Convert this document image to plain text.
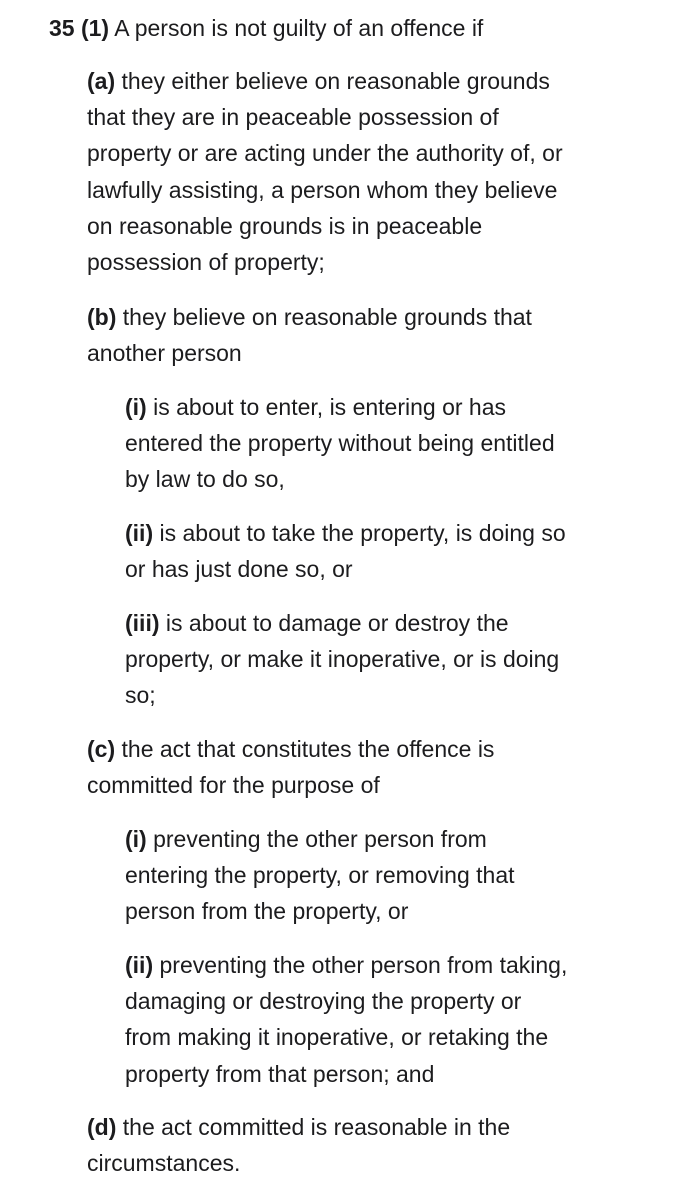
35 (1) A person is not guilty of an offence if
(a) they either believe on reasonable grounds
that they are in peaceable possession of
property or are acting under the authority of, or
lawfully assisting, a person whom they believe
on reasonable grounds is in peaceable
possession of property;
(b) they believe on reasonable grounds that
another person
(i) is about to enter, is entering or has
entered the property without being entitled
by law to do so,
(ii) is about to take the property, is doing so
or has just done so, or
(iii) is about to damage or destroy the
property, or make it inoperative, or is doing
so;
(c) the act that constitutes the offence is
committed for the purpose of
(i) preventing the other person from
entering the property, or removing that
person from the property, or
(ii) preventing the other person from taking,
damaging or destroying the property or
from making it inoperative, or retaking the
property from that person; and
(d) the act committed is reasonable in the
circumstances.
